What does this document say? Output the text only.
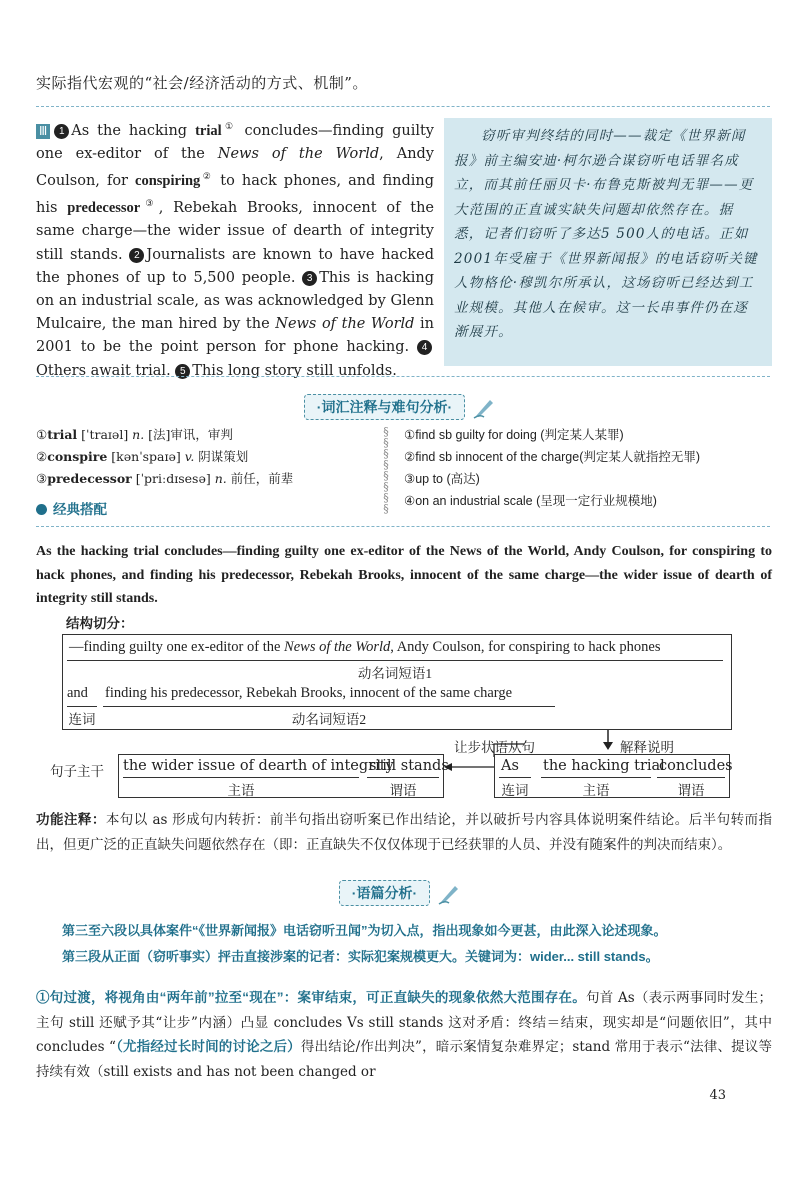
实际指代宏观的“社会/经济活动的方式、机制”。
Ⅲ 1 As the hacking trial① concludes—finding guilty one ex-editor of the News of the World, Andy Coulson, for conspiring② to hack phones, and finding his predecessor③, Rebekah Brooks, innocent of the same charge—the wider issue of dearth of integrity still stands. 2 Journalists are known to have hacked the phones of up to 5,500 people. 3 This is hacking on an industrial scale, as was acknowledged by Glenn Mulcaire, the man hired by the News of the World in 2001 to be the point person for phone hacking. 4Others await trial. 5 This long story still unfolds.
窃听审判终结的同时——裁定《世界新闻报》前主编安迪·柯尔逊合谋窃听电话罪名成立，而其前任丽贝卡·布鲁克斯被判无罪——更大范围的正直诚实缺失问题却依然存在。据悉，记者们窃听了多达5 500人的电话。正如2001年受雇于《世界新闻报》的电话窃听关键人物格伦·穆凯尔所承认，这场窃听已经达到工业规模。其他人在候审。这一长串事件仍在逐渐展开。
·词汇注释与难句分析·
①trial [ˈtraɪəl] n. [法]审讯，审判
②conspire [kənˈspaɪə] v. 阴谋策划
③predecessor [ˈpriːdɪsesə] n. 前任，前辈
§
§
§
§
§
§
§
§
①find sb guilty for doing (判定某人某罪)
②find sb innocent of the charge(判定某人就指控无罪)
③up to (高达)
④on an industrial scale (呈现一定行业规模地)
经典搭配
As the hacking trial concludes—finding guilty one ex-editor of the News of the World, Andy Coulson, for conspiring to hack phones, and finding his predecessor, Rebekah Brooks, innocent of the same charge—the wider issue of dearth of integrity still stands.
结构切分：
—finding guilty one ex-editor of the News of the World, Andy Coulson, for conspiring to hack phones
动名词短语1
and
连词
finding his predecessor, Rebekah Brooks, innocent of the same charge
动名词短语2
让步状语从句	解释说明
句子主干 the wider issue of dearth of integrity
主语
still stands.
谓语
As
连词
the hacking trial
主语
concludes
谓语
功能注释：本句以 as 形成句内转折：前半句指出窃听案已作出结论，并以破折号内容具体说明案件结论。后半句转而指出，但更广泛的正直缺失问题依然存在（即：正直缺失不仅仅体现于已经获罪的人员、并没有随案件的判决而结束）。
·语篇分析·
第三至六段以具体案件“《世界新闻报》电话窃听丑闻”为切入点，指出现象如今更甚，由此深入论述现象。
第三段从正面（窃听事实）抨击直接涉案的记者：实际犯案规模更大。关键词为：wider... still stands。
①句过渡，将视角由“两年前”拉至“现在”：案审结束，可正直缺失的现象依然大范围存在。句首 As（表示两事同时发生；主句 still 还赋予其“让步”内涵）凸显 concludes Vs still stands 这对矛盾：终结＝结束，现实却是“问题依旧”，其中 concludes “（尤指经过长时间的讨论之后）得出结论/作出判决”，暗示案情复杂难界定；stand 常用于表示“法律、提议等持续有效（still exists and has not been changed or
43
